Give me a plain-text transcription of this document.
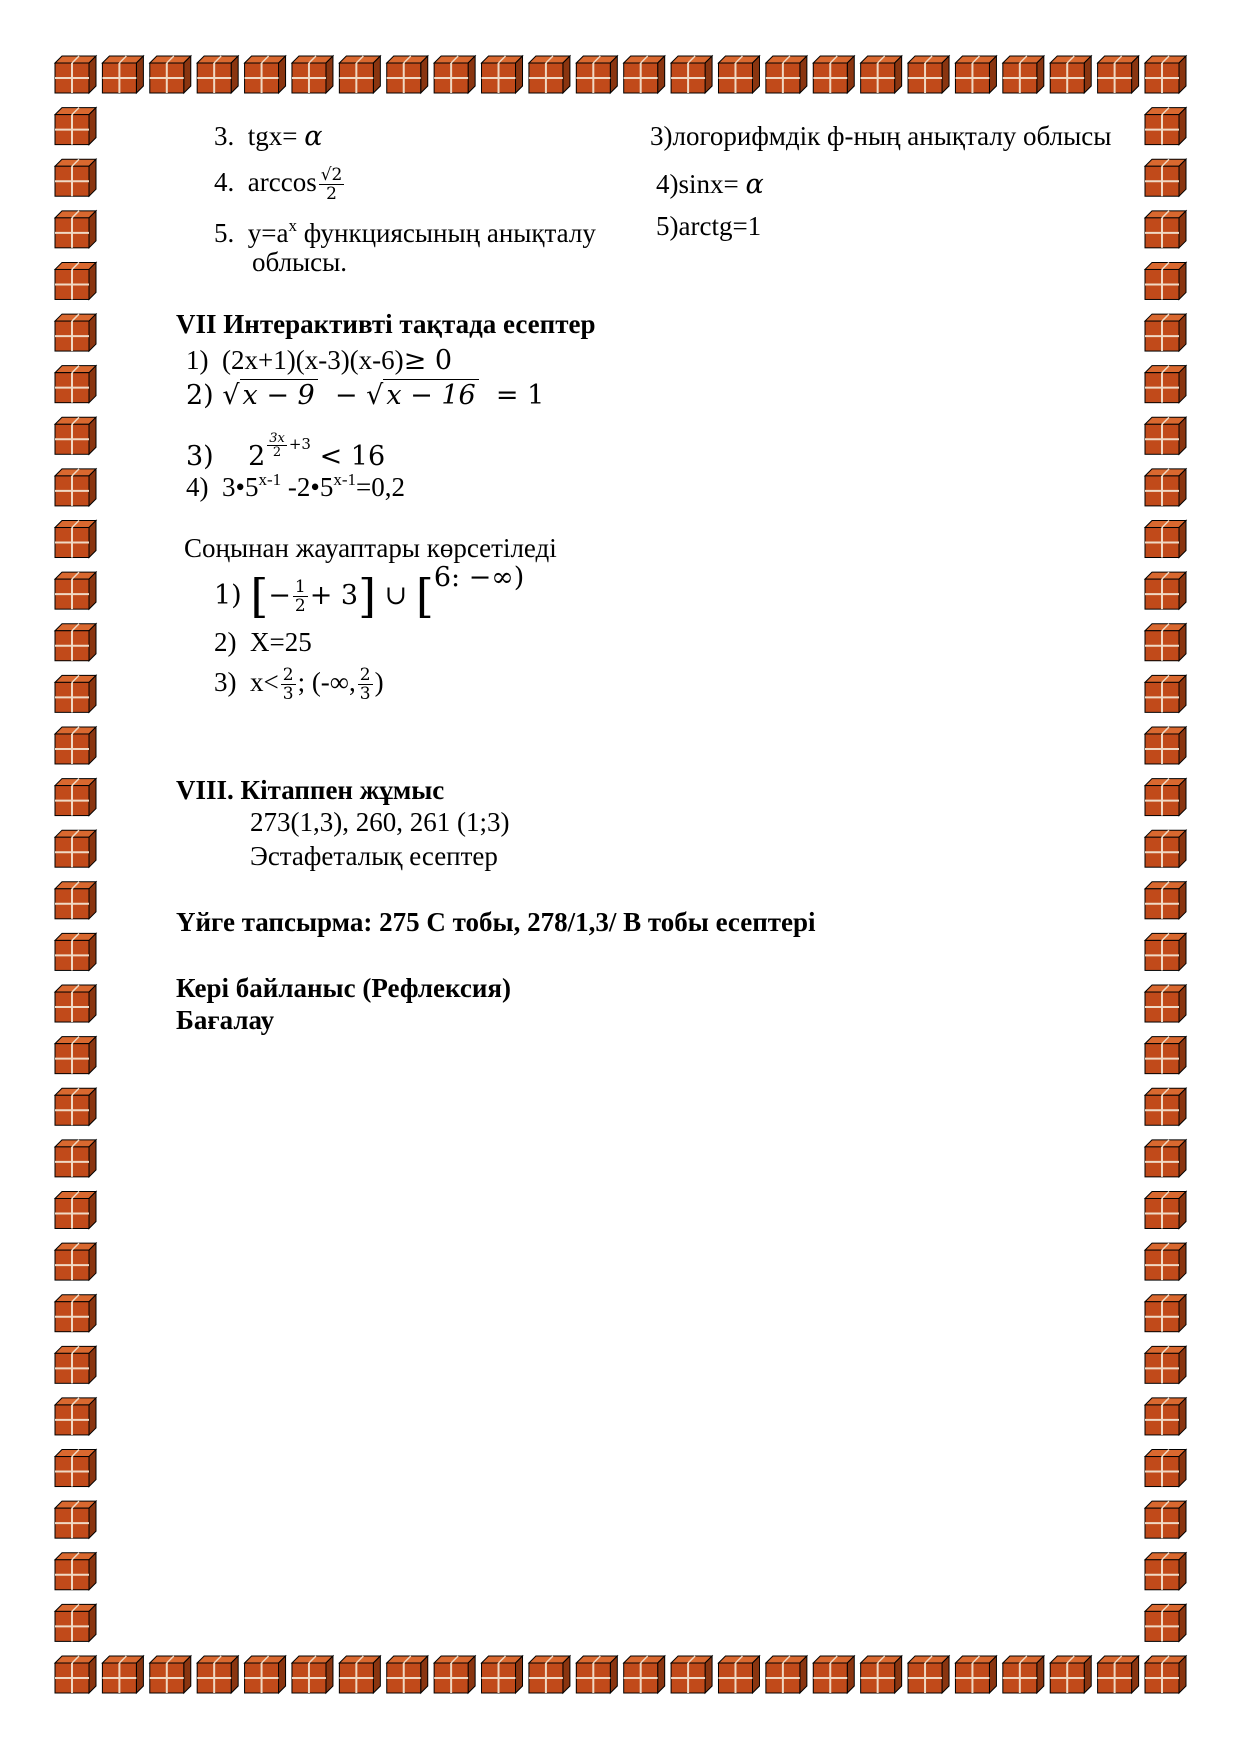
3. tgx= α
4. $\arccos \frac{√2}{2}$
5. $y=a^x$ функциясының анықталу
облысы.
3)логорифмдік ф-ның анықталу облысы
4)sinx= α
5)arctg=1
VII Интерактивті тақтада есептер
1) (2x+1)(x-3)(x-6)≥ 0
2) √ x − 9 − √ x − 16 = 1
3) 2 $^{\frac{3x}{2} +3}$ < 16
4) 3•5$^{x-1}$ $-2•5^{x-1}=0,2$
Соңынан жауаптары көрсетіледі
1) [− $\frac{1}{2} + 3$] ∪ [6: −∞)
2) X=25
3) $x< \frac{2}{3}$ ; (-∞, $\frac{2}{3}$ )
VIII. Кітаппен жұмыс
273(1,3), 260, 261 (1;3)
Эстафеталық есептер
Үйге тапсырма: 275 С тобы, 278/1,3/ В тобы есептері
Кері байланыс (Рефлексия)
Бағалау
